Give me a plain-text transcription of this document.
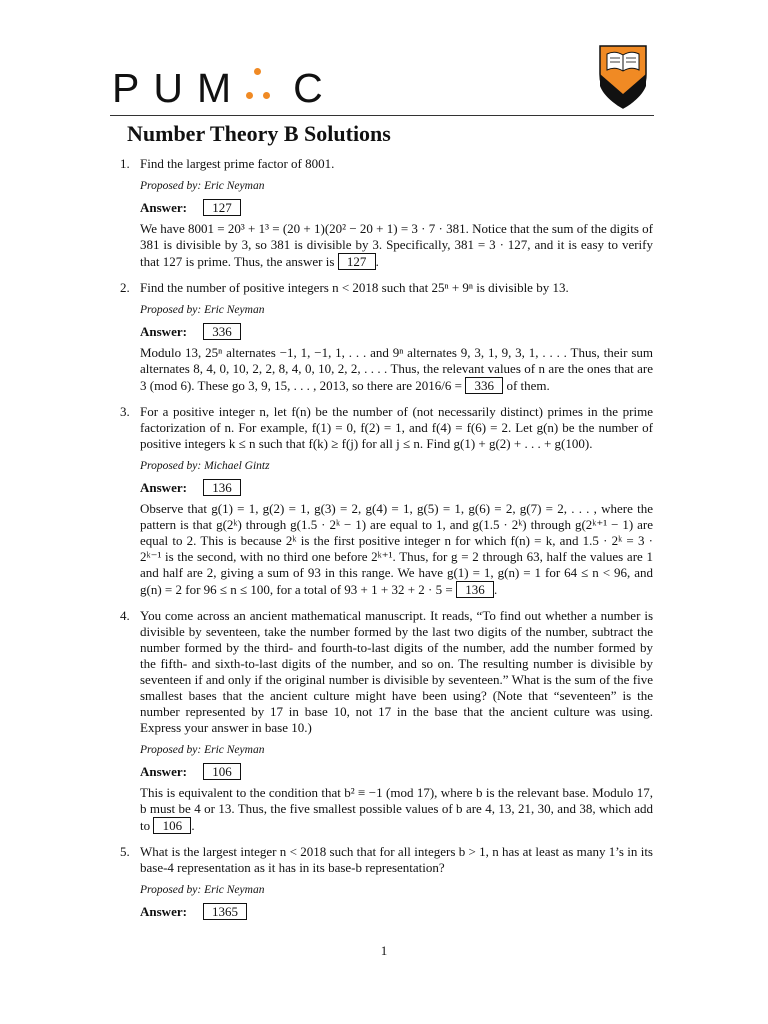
PUM C
Number Theory B Solutions
1. Find the largest prime factor of 8001.

Proposed by: Eric Neyman
Answer: 127

We have 8001 = 20³ + 1³ = (20 + 1)(20² − 20 + 1) = 3 · 7 · 381. Notice that the sum of the digits of 381 is divisible by 3, so 381 is divisible by 3. Specifically, 381 = 3 · 127, and it is easy to verify that 127 is prime. Thus, the answer is 127 .

2. Find the number of positive integers n < 2018 such that 25ⁿ + 9ⁿ is divisible by 13.

Proposed by: Eric Neyman
Answer: 336

Modulo 13, 25ⁿ alternates −1, 1, −1, 1, . . . and 9ⁿ alternates 9, 3, 1, 9, 3, 1, . . . . Thus, their sum alternates 8, 4, 0, 10, 2, 2, 8, 4, 0, 10, 2, 2, . . . . Thus, the relevant values of n are the ones that are 3 (mod 6). These go 3, 9, 15, . . . , 2013, so there are 2016/6 = 336 of them.

3. For a positive integer n, let f(n) be the number of (not necessarily distinct) primes in the prime factorization of n. For example, f(1) = 0, f(2) = 1, and f(4) = f(6) = 2. Let g(n) be the number of positive integers k ≤ n such that f(k) ≥ f(j) for all j ≤ n. Find g(1) + g(2) + . . . + g(100).

Proposed by: Michael Gintz
Answer: 136

Observe that g(1) = 1, g(2) = 1, g(3) = 2, g(4) = 1, g(5) = 1, g(6) = 2, g(7) = 2, . . . , where the pattern is that g(2ᵏ) through g(1.5 · 2ᵏ − 1) are equal to 1, and g(1.5 · 2ᵏ) through g(2ᵏ⁺¹ − 1) are equal to 2. This is because 2ᵏ is the first positive integer n for which f(n) = k, and 1.5 · 2ᵏ = 3 · 2ᵏ⁻¹ is the second, with no third one before 2ᵏ⁺¹. Thus, for g = 2 through 63, half the values are 1 and half are 2, giving a sum of 93 in this range. We have g(1) = 1, g(n) = 1 for 64 ≤ n < 96, and g(n) = 2 for 96 ≤ n ≤ 100, for a total of 93 + 1 + 32 + 2 · 5 = 136 .

4. You come across an ancient mathematical manuscript. It reads, “To find out whether a number is divisible by seventeen, take the number formed by the last two digits of the number, subtract the number formed by the third- and fourth-to-last digits of the number, add the number formed by the fifth- and sixth-to-last digits of the number, and so on. The resulting number is divisible by seventeen if and only if the original number is divisible by seventeen.” What is the sum of the five smallest bases that the ancient culture might have been using? (Note that “seventeen” is the number represented by 17 in base 10, not 17 in the base that the ancient culture was using. Express your answer in base 10.)

Proposed by: Eric Neyman
Answer: 106

This is equivalent to the condition that b² ≡ −1 (mod 17), where b is the relevant base. Modulo 17, b must be 4 or 13. Thus, the five smallest possible values of b are 4, 13, 21, 30, and 38, which add to 106 .

5. What is the largest integer n < 2018 such that for all integers b > 1, n has at least as many 1’s in its base-4 representation as it has in its base-b representation?

Proposed by: Eric Neyman
Answer: 1365
1
